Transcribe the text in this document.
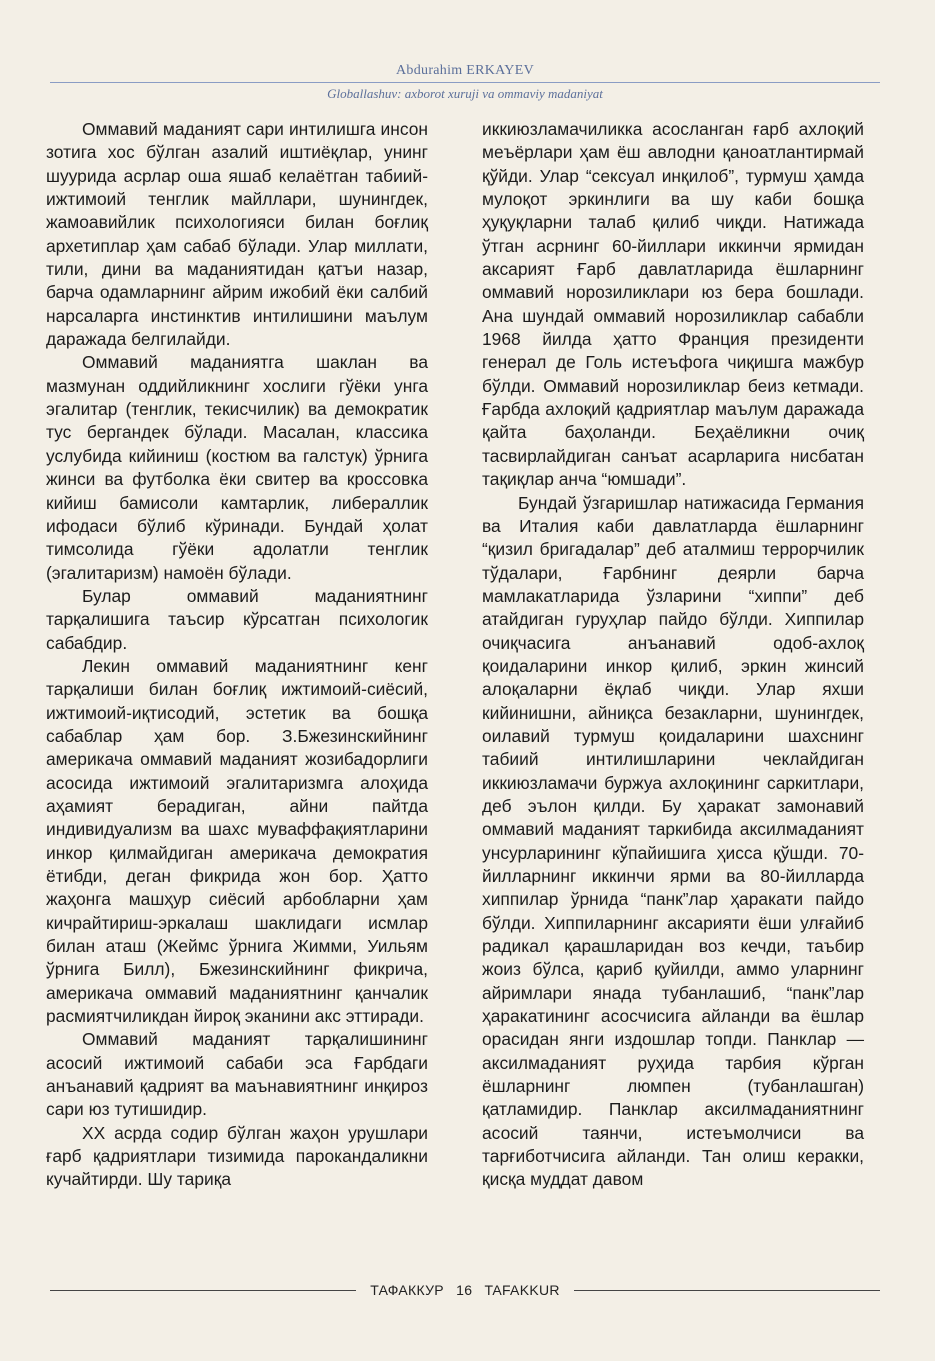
Abdurahim ERKAYEV
Globallashuv: axborot xuruji va ommaviy madaniyat

Оммавий маданият сари интилишга инсон зотига хос бўлган азалий иштиёқлар, унинг шуурида асрлар оша яшаб келаётган табиий-ижтимоий тенглик майллари, шунингдек, жамоавийлик психологияси билан боғлиқ архетиплар ҳам сабаб бўлади. Улар миллати, тили, дини ва маданиятидан қатъи назар, барча одамларнинг айрим ижобий ёки салбий нарсаларга инстинктив интилишини маълум даражада белгилайди.

Оммавий маданиятга шаклан ва мазмунан оддийликнинг хослиги гўёки унга эгалитар (тенглик, текисчилик) ва демократик тус бергандек бўлади. Масалан, классика услубида кийиниш (костюм ва галстук) ўрнига жинси ва футболка ёки свитер ва кроссовка кийиш бамисоли камтарлик, либераллик ифодаси бўлиб кўринади. Бундай ҳолат тимсолида гўёки адолатли тенглик (эгалитаризм) намоён бўлади.

Булар оммавий маданиятнинг тарқалишига таъсир кўрсатган психологик сабабдир.

Лекин оммавий маданиятнинг кенг тарқалиши билан боғлиқ ижтимоий-сиёсий, ижтимоий-иқтисодий, эстетик ва бошқа сабаблар ҳам бор. З.Бжезинскийнинг америкача оммавий маданият жозибадорлиги асосида ижтимоий эгалитаризмга алоҳида аҳамият берадиган, айни пайтда индивидуализм ва шахс муваффақиятларини инкор қилмайдиган америкача демократия ётибди, деган фикрида жон бор. Ҳатто жаҳонга машҳур сиёсий арбобларни ҳам кичрайтириш-эркалаш шаклидаги исмлар билан аташ (Жеймс ўрнига Жимми, Уильям ўрнига Билл), Бжезинскийнинг фикрича, америкача оммавий маданиятнинг қанчалик расмиятчиликдан йироқ эканини акс эттиради.

Оммавий маданият тарқалишининг асосий ижтимоий сабаби эса Ғарбдаги анъанавий қадрият ва маънавиятнинг инқироз сари юз тутишидир.

XX асрда содир бўлган жаҳон урушлари ғарб қадриятлари тизимида парокандаликни кучайтирди. Шу тариқа

иккиюзламачиликка асосланган ғарб ахлоқий меъёрлари ҳам ёш авлодни қаноатлантирмай қўйди. Улар “сексуал инқилоб”, турмуш ҳамда мулоқот эркинлиги ва шу каби бошқа ҳуқуқларни талаб қилиб чиқди. Натижада ўтган асрнинг 60-йиллари иккинчи ярмидан аксарият Ғарб давлатларида ёшларнинг оммавий норозиликлари юз бера бошлади. Ана шундай оммавий норозиликлар сабабли 1968 йилда ҳатто Франция президенти генерал де Голь истеъфога чиқишга мажбур бўлди. Оммавий норозиликлар беиз кетмади. Ғарбда ахлоқий қадриятлар маълум даражада қайта баҳоланди. Беҳаёликни очиқ тасвирлайдиган санъат асарларига нисбатан тақиқлар анча “юмшади”.

Бундай ўзгаришлар натижасида Германия ва Италия каби давлатларда ёшларнинг “қизил бригадалар” деб аталмиш террорчилик тўдалари, Ғарбнинг деярли барча мамлакатларида ўзларини “хиппи” деб атайдиган гуруҳлар пайдо бўлди. Хиппилар очиқчасига анъанавий одоб-ахлоқ қоидаларини инкор қилиб, эркин жинсий алоқаларни ёқлаб чиқди. Улар яхши кийинишни, айниқса безакларни, шунингдек, оилавий турмуш қоидаларини шахснинг табиий интилишларини чеклайдиган иккиюзламачи буржуа ахлоқининг саркитлари, деб эълон қилди. Бу ҳаракат замонавий оммавий маданият таркибида аксилмаданият унсурларининг кўпайишига ҳисса қўшди. 70-йилларнинг иккинчи ярми ва 80-йилларда хиппилар ўрнида “панк”лар ҳаракати пайдо бўлди. Хиппиларнинг аксарияти ёши улғайиб радикал қарашларидан воз кечди, таъбир жоиз бўлса, қариб қуйилди, аммо уларнинг айримлари янада тубанлашиб, “панк”лар ҳаракатининг асосчисига айланди ва ёшлар орасидан янги издошлар топди. Панклар — аксилмаданият руҳида тарбия кўрган ёшларнинг люмпен (тубанлашган) қатламидир. Панклар аксилмаданиятнинг асосий таянчи, истеъмолчиси ва тарғиботчисига айланди. Тан олиш керакки, қисқа муддат давом

ТАФАККУР 16 TAFAKKUR
